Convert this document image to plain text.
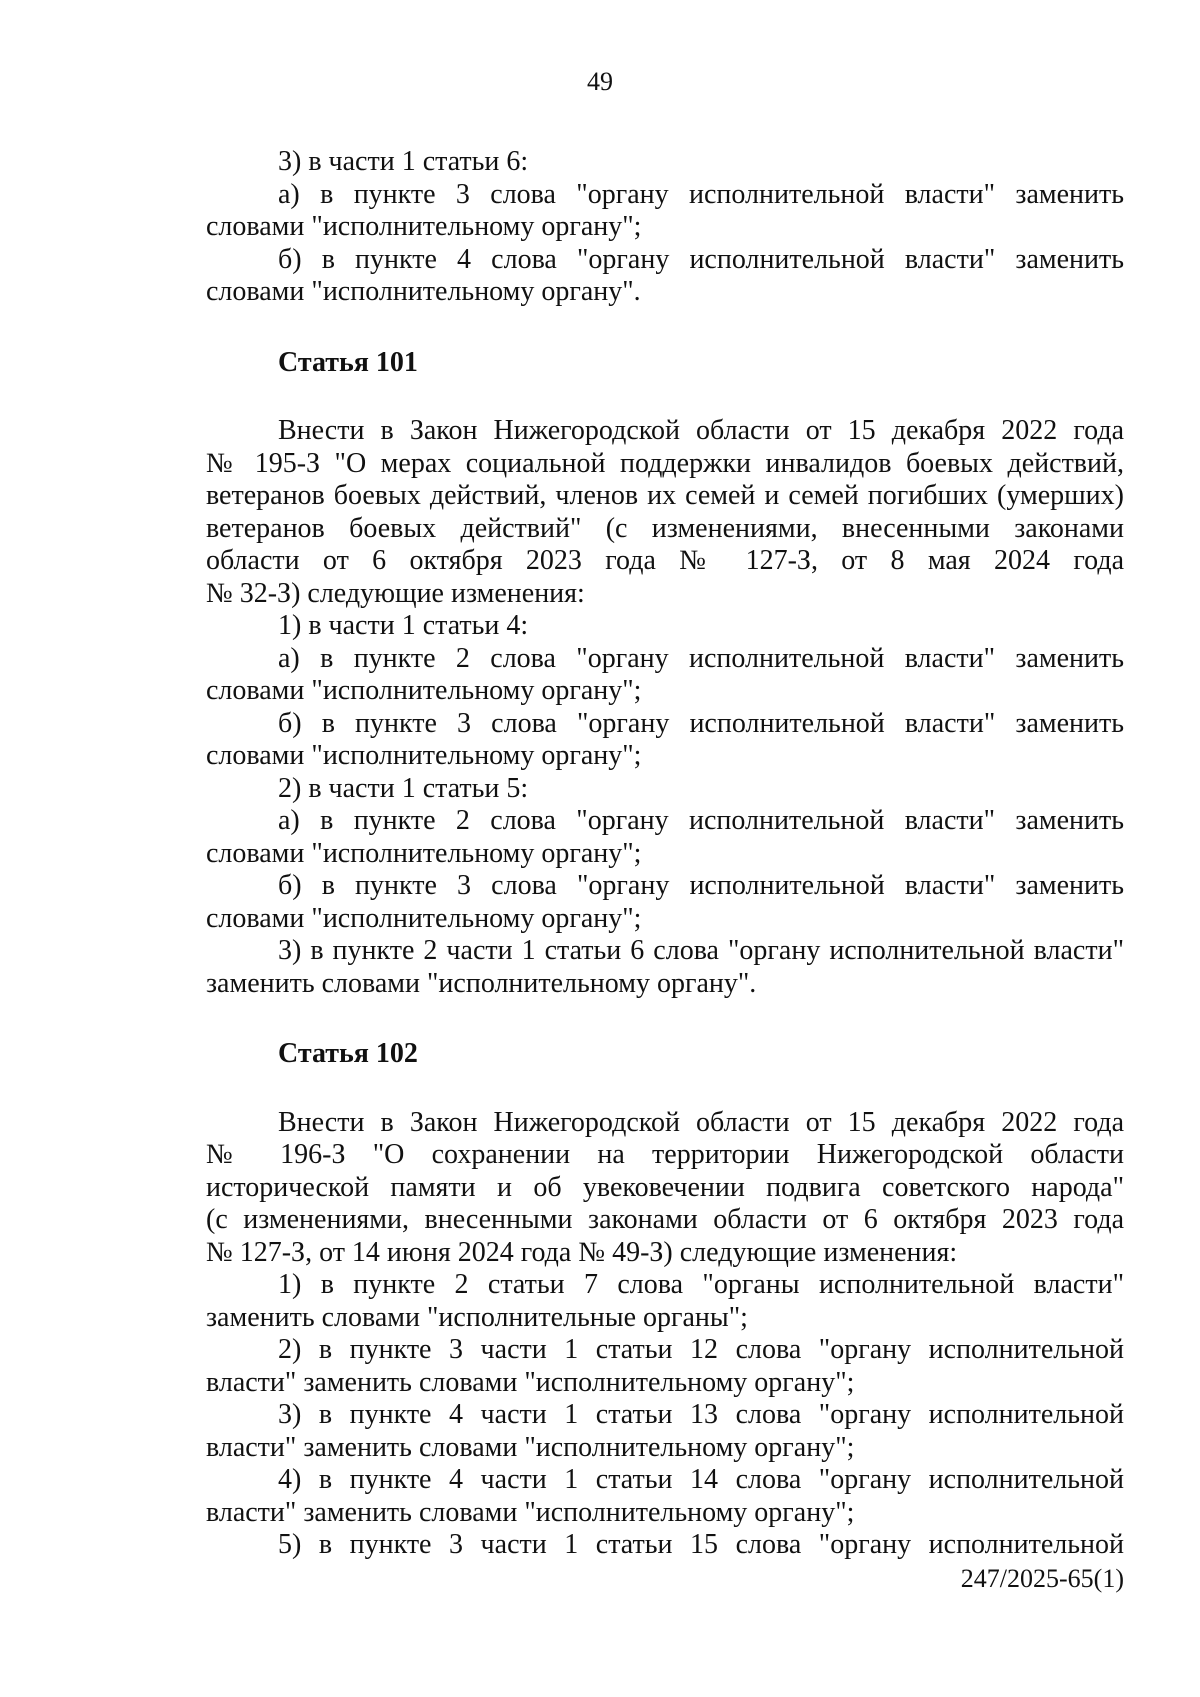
49
3) в части 1 статьи 6:
а) в пункте 3 слова "органу исполнительной власти" заменить
словами "исполнительному органу";
б) в пункте 4 слова "органу исполнительной власти" заменить
словами "исполнительному органу".
Статья 101
Внести в Закон Нижегородской области от 15 декабря 2022 года
№ 195-З "О мерах социальной поддержки инвалидов боевых действий,
ветеранов боевых действий, членов их семей и семей погибших (умерших)
ветеранов боевых действий" (с изменениями, внесенными законами
области от 6 октября 2023 года № 127-З, от 8 мая 2024 года
№ 32-З) следующие изменения:
1) в части 1 статьи 4:
а) в пункте 2 слова "органу исполнительной власти" заменить
словами "исполнительному органу";
б) в пункте 3 слова "органу исполнительной власти" заменить
словами "исполнительному органу";
2) в части 1 статьи 5:
а) в пункте 2 слова "органу исполнительной власти" заменить
словами "исполнительному органу";
б) в пункте 3 слова "органу исполнительной власти" заменить
словами "исполнительному органу";
3) в пункте 2 части 1 статьи 6 слова "органу исполнительной власти"
заменить словами "исполнительному органу".
Статья 102
Внести в Закон Нижегородской области от 15 декабря 2022 года
№ 196-З "О сохранении на территории Нижегородской области
исторической памяти и об увековечении подвига советского народа"
(с изменениями, внесенными законами области от 6 октября 2023 года
№ 127-З, от 14 июня 2024 года № 49-З) следующие изменения:
1) в пункте 2 статьи 7 слова "органы исполнительной власти"
заменить словами "исполнительные органы";
2) в пункте 3 части 1 статьи 12 слова "органу исполнительной
власти" заменить словами "исполнительному органу";
3) в пункте 4 части 1 статьи 13 слова "органу исполнительной
власти" заменить словами "исполнительному органу";
4) в пункте 4 части 1 статьи 14 слова "органу исполнительной
власти" заменить словами "исполнительному органу";
5) в пункте 3 части 1 статьи 15 слова "органу исполнительной
247/2025-65(1)
